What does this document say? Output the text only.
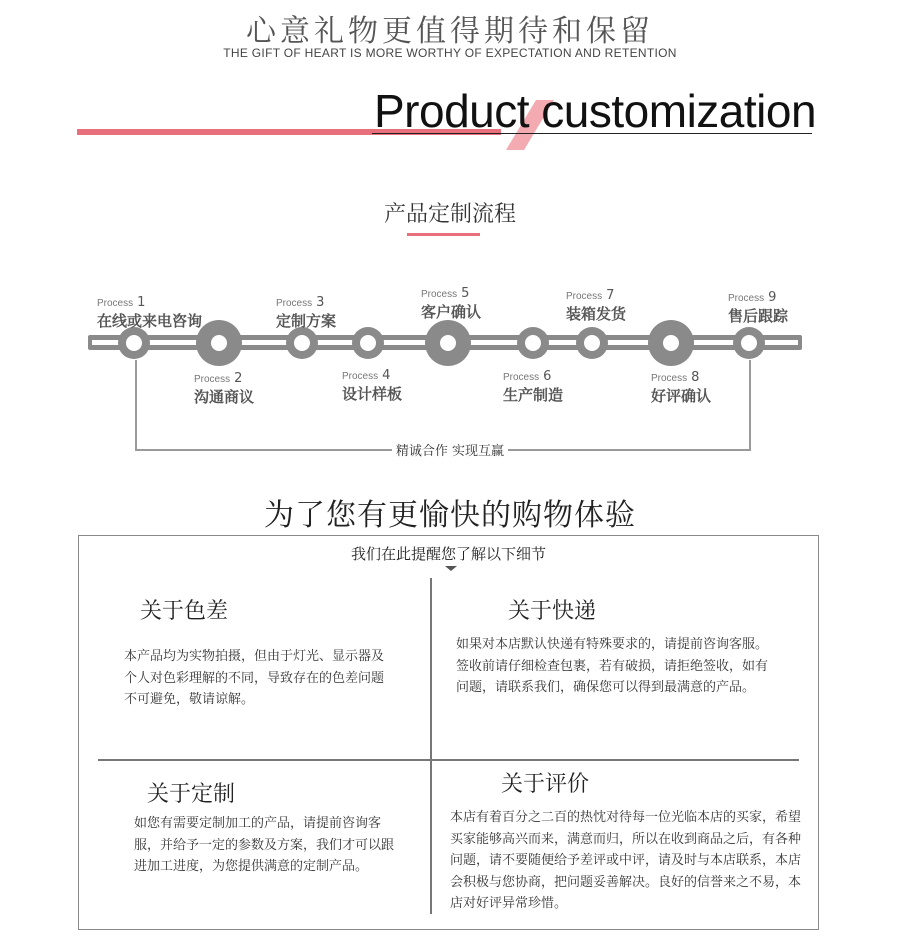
心意礼物更值得期待和保留
THE GIFT OF HEART IS MORE WORTHY OF EXPECTATION AND RETENTION
Product customization
产品定制流程
Process 1
在线或来电咨询
Process 3
定制方案
Process 5
客户确认
Process 7
装箱发货
Process 9
售后跟踪
Process 2
沟通商议
Process 4
设计样板
Process 6
生产制造
Process 8
好评确认
精诚合作 实现互赢
为了您有更愉快的购物体验
我们在此提醒您了解以下细节
关于色差
本产品均为实物拍摄，但由于灯光、显示器及个人对色彩理解的不同，导致存在的色差问题不可避免，敬请谅解。
关于快递
如果对本店默认快递有特殊要求的，请提前咨询客服。签收前请仔细检查包裹，若有破损，请拒绝签收，如有问题，请联系我们，确保您可以得到最满意的产品。
关于定制
如您有需要定制加工的产品，请提前咨询客服，并给予一定的参数及方案，我们才可以跟进加工进度，为您提供满意的定制产品。
关于评价
本店有着百分之二百的热忱对待每一位光临本店的买家，希望买家能够高兴而来，满意而归，所以在收到商品之后，有各种问题，请不要随便给予差评或中评，请及时与本店联系，本店会积极与您协商，把问题妥善解决。良好的信誉来之不易，本店对好评异常珍惜。
